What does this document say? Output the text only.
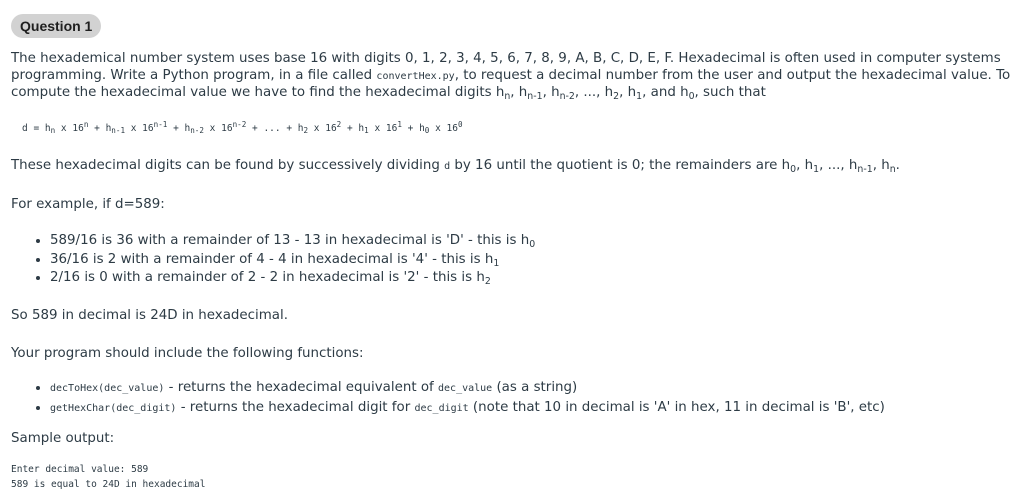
Question 1
The hexademical number system uses base 16 with digits 0, 1, 2, 3, 4, 5, 6, 7, 8, 9, A, B, C, D, E, F. Hexadecimal is often used in computer systems programming. Write a Python program, in a file called convertHex.py, to request a decimal number from the user and output the hexadecimal value. To compute the hexadecimal value we have to find the hexadecimal digits $h_n$, $h_{n-1}$, $h_{n-2}$, ..., $h_2$, $h_1$, and $h_0$, such that
$d = h_n$ x $16^n + h_{n-1}$ x $16^{n-1} + h_{n-2}$ x $16^{n-2}$ + ... + $h_2$ x $16^2 + h_1$ x $16^1 + h_0$ x $16^0$
These hexadecimal digits can be found by successively dividing d by 16 until the quotient is 0; the remainders are $h_0$, $h_1$, ..., $h_{n-1}$, $h_n$.
For example, if d=589:
• 589/16 is 36 with a remainder of 13 - 13 in hexadecimal is 'D' - this is $h_0$
• 36/16 is 2 with a remainder of 4 - 4 in hexadecimal is '4' - this is $h_1$
• 2/16 is 0 with a remainder of 2 - 2 in hexadecimal is '2' - this is $h_2$
So 589 in decimal is 24D in hexadecimal.
Your program should include the following functions:
• decToHex(dec_value) - returns the hexadecimal equivalent of dec_value (as a string)
• getHexChar(dec_digit) - returns the hexadecimal digit for dec_digit (note that 10 in decimal is 'A' in hex, 11 in decimal is 'B', etc)
Sample output:
Enter decimal value: 589
589 is equal to 24D in hexadecimal
